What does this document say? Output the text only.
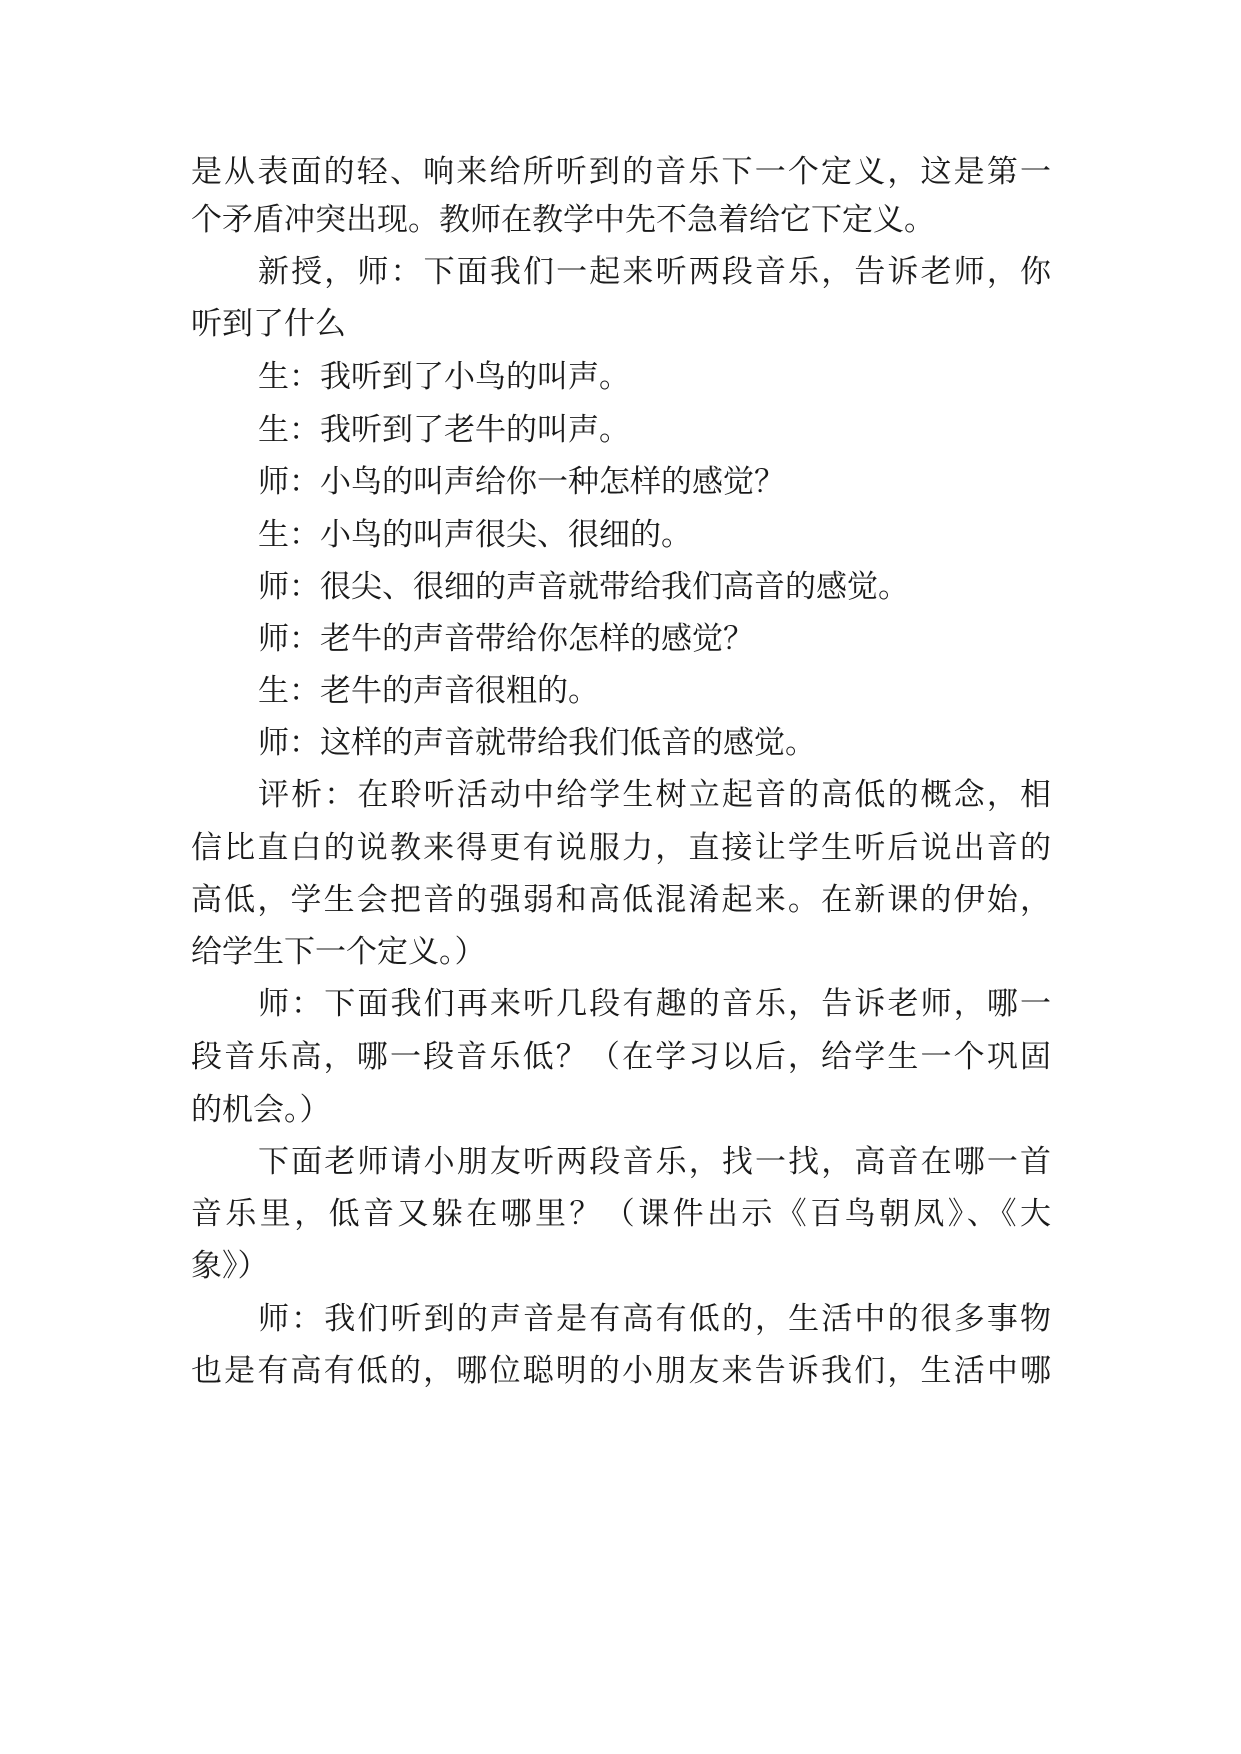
是从表面的轻、响来给所听到的音乐下一个定义，这是第一
个矛盾冲突出现。教师在教学中先不急着给它下定义。
新授，师：下面我们一起来听两段音乐，告诉老师，你
听到了什么
生：我听到了小鸟的叫声。
生：我听到了老牛的叫声。
师：小鸟的叫声给你一种怎样的感觉？
生：小鸟的叫声很尖、很细的。
师：很尖、很细的声音就带给我们高音的感觉。
师：老牛的声音带给你怎样的感觉？
生：老牛的声音很粗的。
师：这样的声音就带给我们低音的感觉。
评析：在聆听活动中给学生树立起音的高低的概念，相
信比直白的说教来得更有说服力，直接让学生听后说出音的
高低，学生会把音的强弱和高低混淆起来。在新课的伊始，
给学生下一个定义。）
师：下面我们再来听几段有趣的音乐，告诉老师，哪一
段音乐高，哪一段音乐低？（在学习以后，给学生一个巩固
的机会。）
下面老师请小朋友听两段音乐，找一找，高音在哪一首
音乐里，低音又躲在哪里？（课件出示《百鸟朝凤》、《大
象》）
师：我们听到的声音是有高有低的，生活中的很多事物
也是有高有低的，哪位聪明的小朋友来告诉我们，生活中哪
